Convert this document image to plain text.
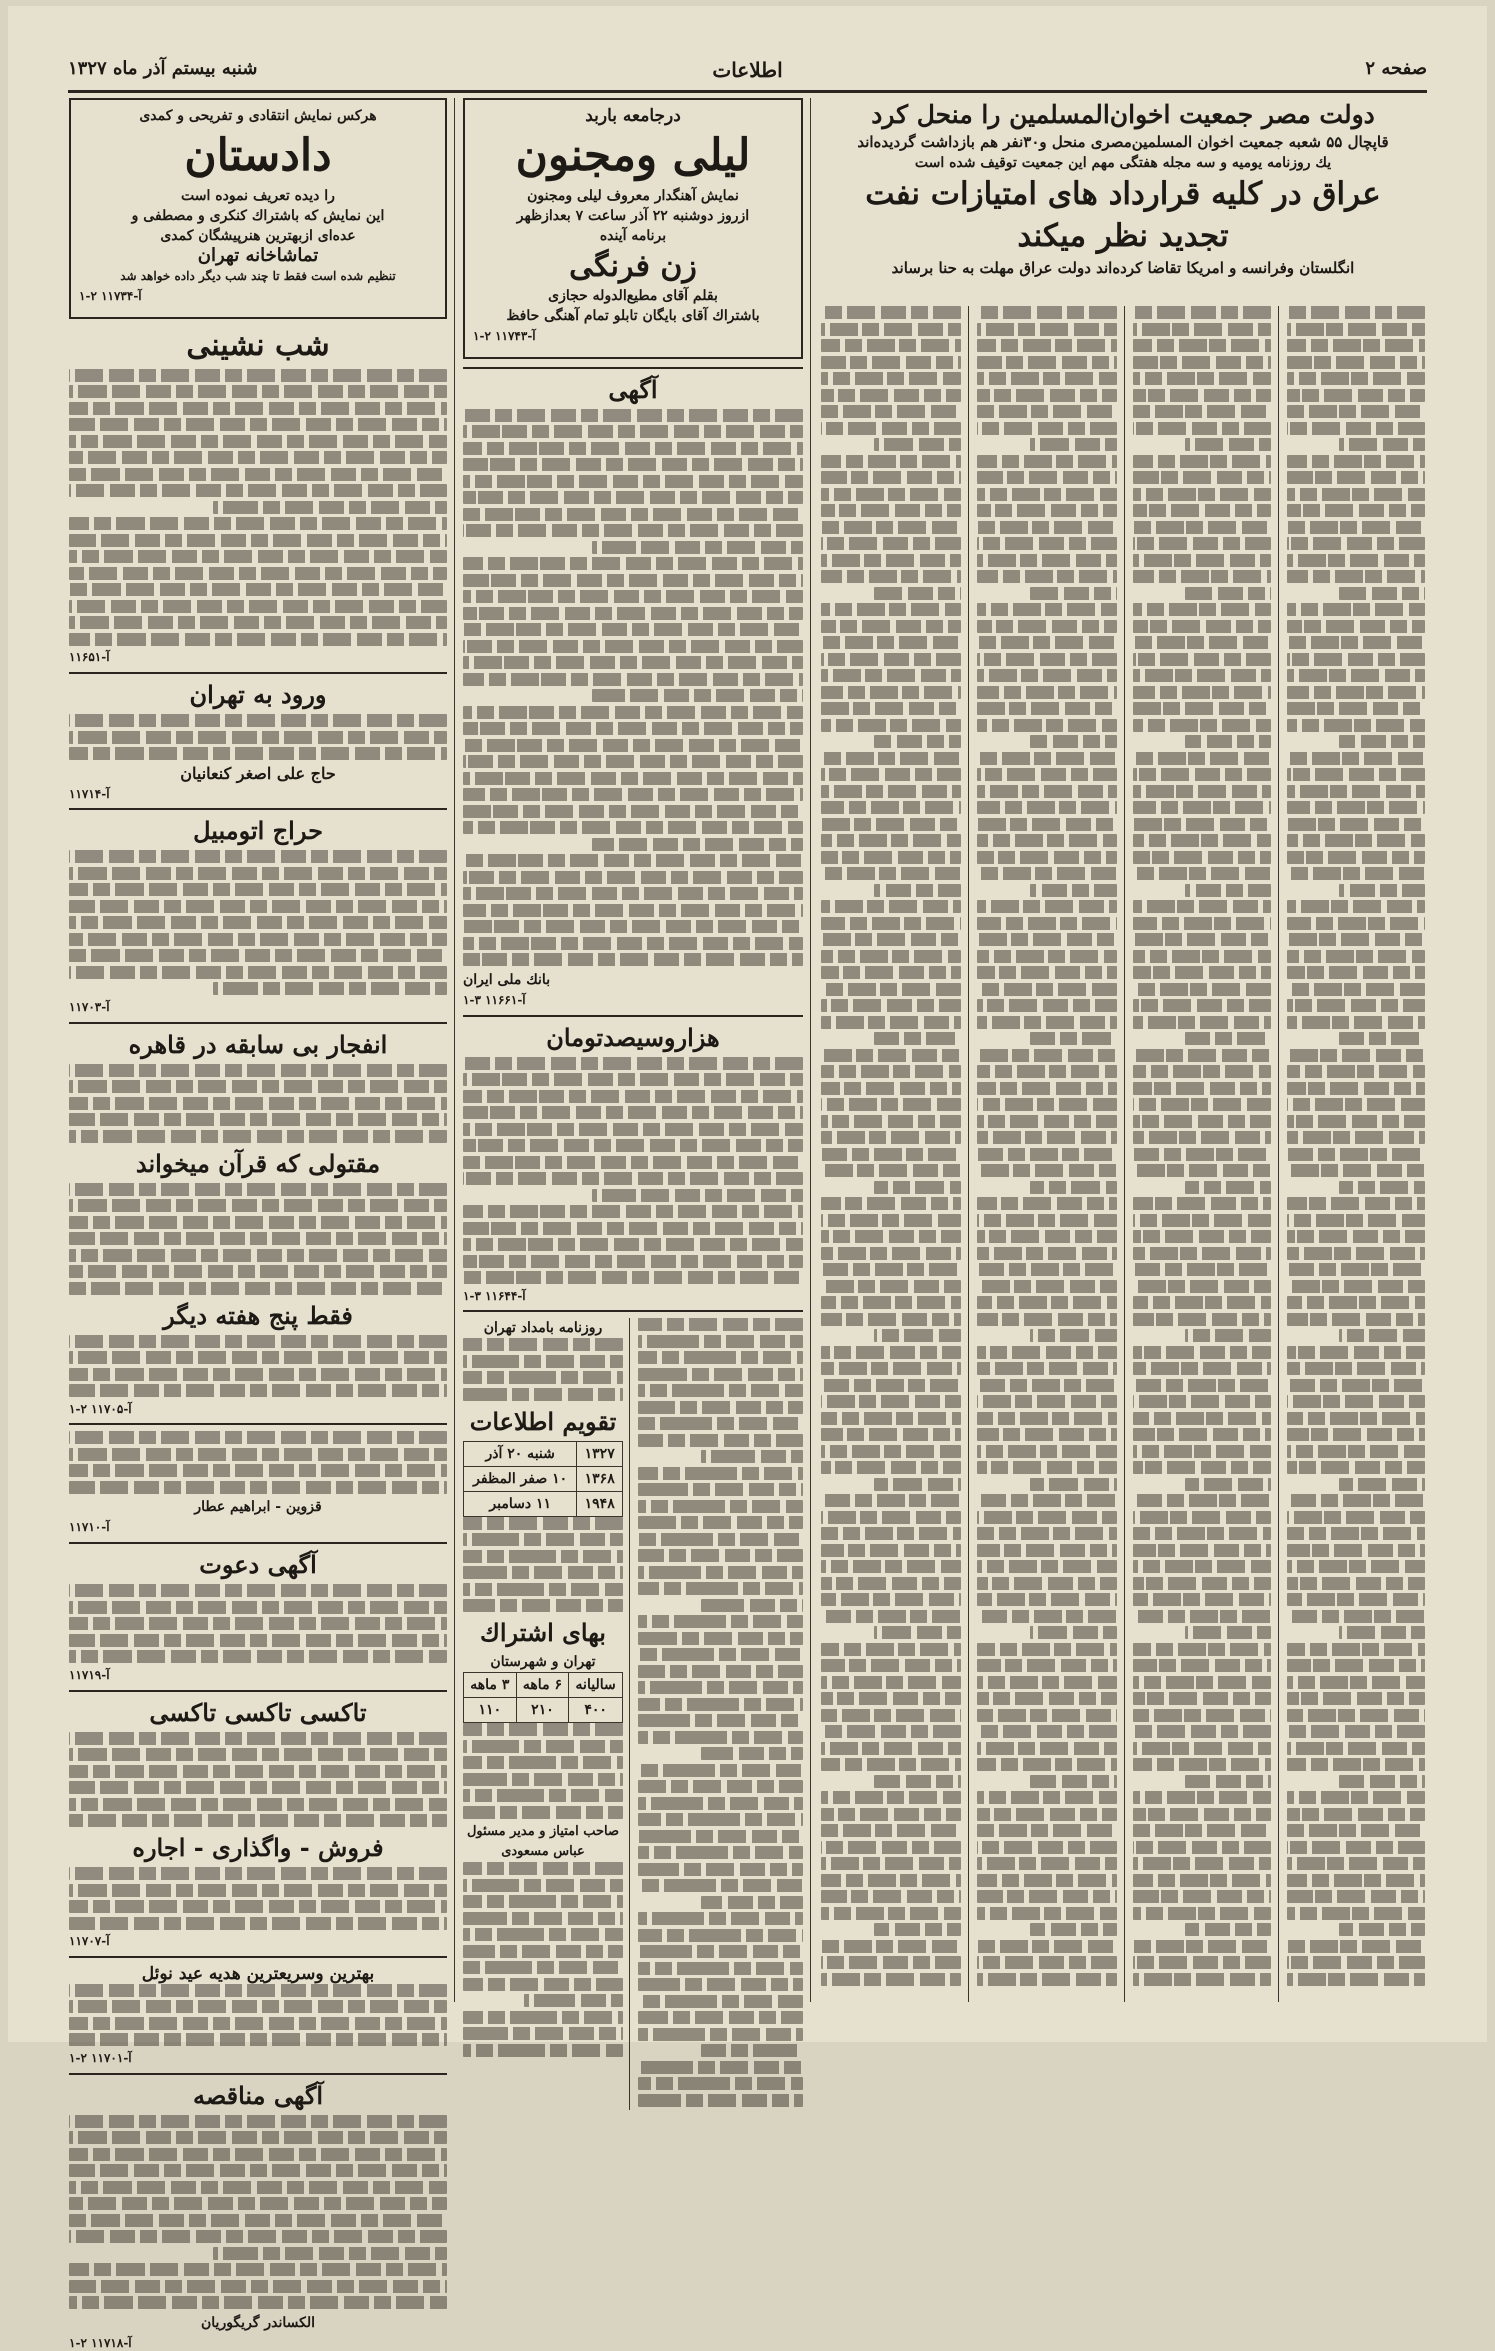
صفحه ۲
اطلاعات
شنبه بیستم آذر ماه ۱۳۲۷
دولت مصر جمعیت اخوان‌المسلمین را منحل کرد
قاپچال ۵۵ شعبه جمعیت اخوان المسلمین‌مصری منحل و۳۰نفر هم بازداشت گردیده‌اند
یك روزنامه یومیه و سه مجله هفتگی مهم این جمعیت توقیف شده است
عراق در کلیه قرارداد های امتیازات نفت
تجدید نظر میکند
انگلستان وفرانسه و امریکا تقاضا کرده‌اند دولت عراق مهلت به حنا برساند
درجامعه باربد
لیلی ومجنون
نمایش آهنگدار معروف لیلی ومجنون
ازروز دوشنبه ۲۲ آذر ساعت ۷ بعدازظهر
برنامه آینده
زن فرنگی
بقلم آقای مطیع‌الدوله حجازی
باشتراك آقای بایگان تابلو تمام آهنگی حافظ
آ-۱۱۷۴۳ ۲-۱
آگهی
بانك ملی ایران
آ-۱۱۶۶۱ ۳-۱
هزاروسیصدتومان
آ-۱۱۶۴۴ ۳-۱
روزنامه بامداد تهران
تقویم اطلاعات
۱۳۲۷	شنبه ۲۰ آذر
۱۳۶۸	۱۰ صفر المظفر
۱۹۴۸	۱۱ دسامبر
بهای اشتراك
تهران و شهرستان
ساليانه	۶ ماهه	۳ ماهه
۴۰۰	۲۱۰	۱۱۰
صاحب امتیاز و مدیر مسئول عباس مسعودی
هرکس نمایش انتقادی و تفریحی و کمدی
دادستان
را دیده تعریف نموده است
این نمایش که باشتراك کنکری و مصطفی و
عده‌ای ازبهترین هنرپیشگان کمدی
تماشاخانه تهران
تنظیم شده است فقط تا چند شب دیگر داده خواهد شد
آ-۱۱۷۳۴ ۲-۱
شب نشینی
آ-۱۱۶۵۱
ورود به تهران
حاج علی اصغر کنعانیان
آ-۱۱۷۱۴
حراج اتومبیل
آ-۱۱۷۰۳
انفجار بی سابقه در قاهره
مقتولی که قرآن میخواند
فقط پنج هفته دیگر
آ-۱۱۷۰۵ ۲-۱
قزوین - ابراهیم عطار
آ-۱۱۷۱۰
آگهی دعوت
آ-۱۱۷۱۹
تاکسی تاکسی تاکسی
فروش - واگذاری - اجاره
آ-۱۱۷۰۷
بهترین وسریعترین هدیه عید نوئل
آ-۱۱۷۰۱ ۲-۱
آگهی مناقصه
الکساندر گریگوریان
آ-۱۱۷۱۸ ۲-۱
